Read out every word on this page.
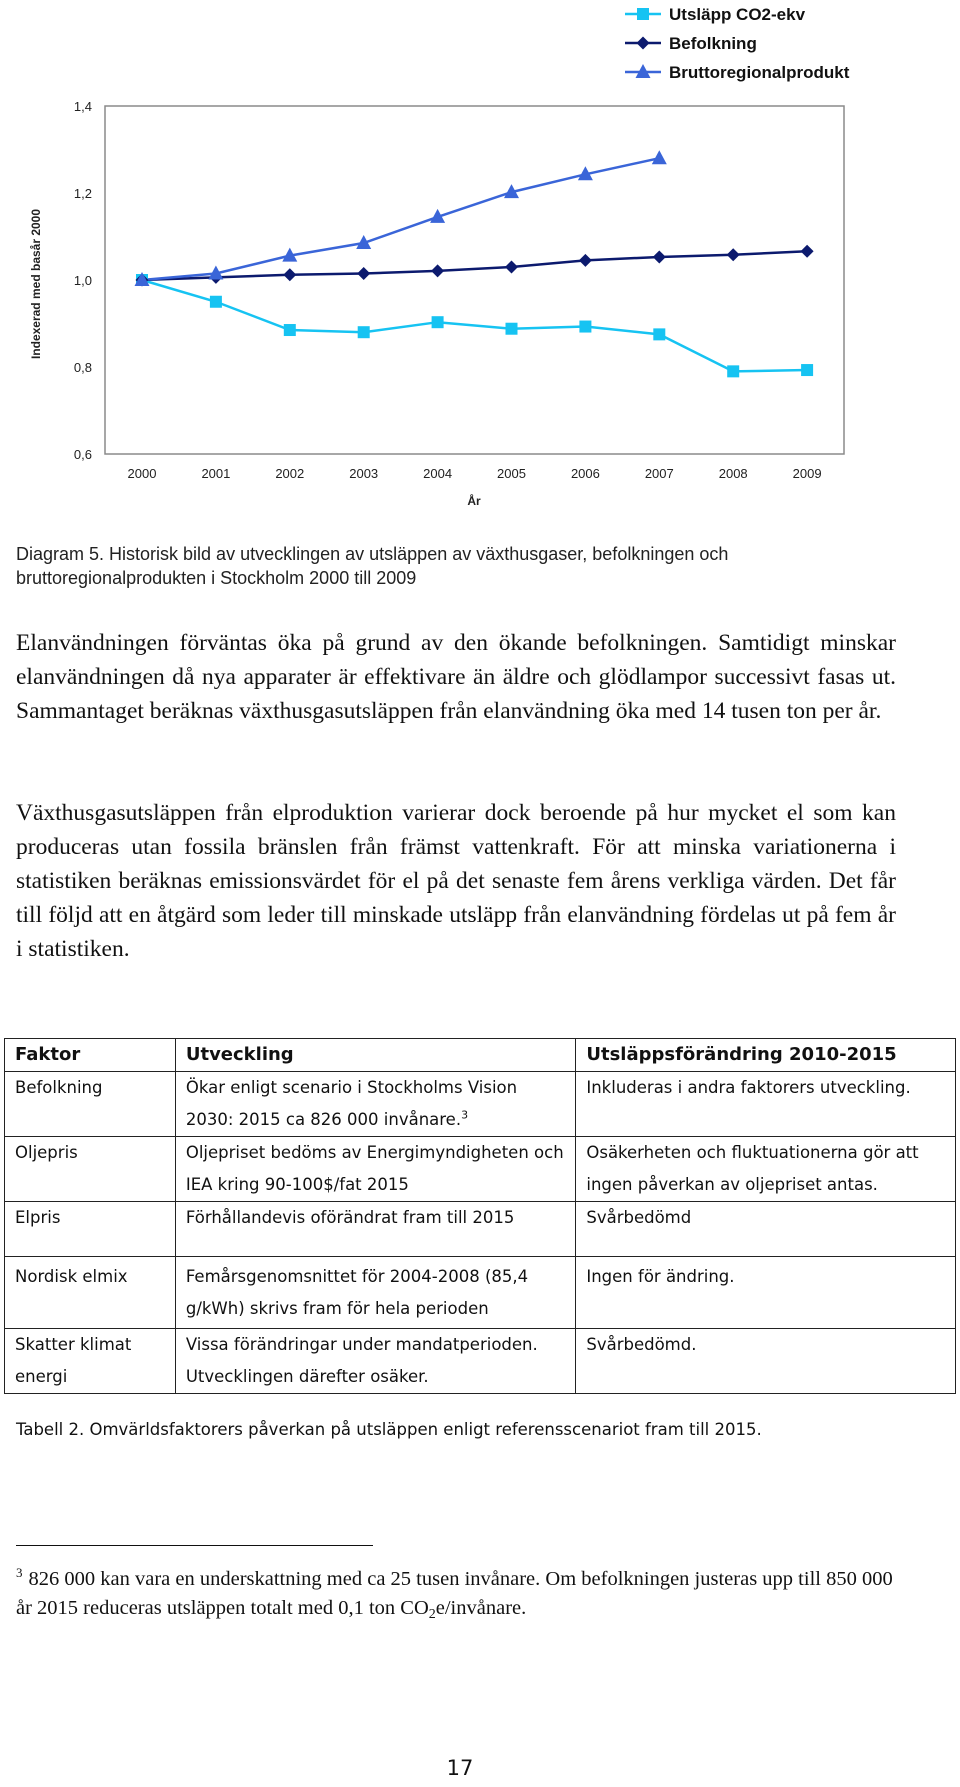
1,4
1,2
1,0
0,8
0,6
2000	2001	2002	2003	2004	2005	2006	2007	2008	2009
Indexerad med basår 2000
År
Utsläpp CO2-ekv
Befolkning
Bruttoregionalprodukt
Diagram 5. Historisk bild av utvecklingen av utsläppen av växthusgaser, befolkningen och bruttoregionalprodukten i Stockholm 2000 till 2009

Elanvändningen förväntas öka på grund av den ökande befolkningen. Samtidigt minskar elanvändningen då nya apparater är effektivare än äldre och glödlampor successivt fasas ut. Sammantaget beräknas växthusgasutsläppen från elanvändning öka med 14 tusen ton per år.

Växthusgasutsläppen från elproduktion varierar dock beroende på hur mycket el som kan produceras utan fossila bränslen från främst vattenkraft. För att minska variationerna i statistiken beräknas emissionsvärdet för el på det senaste fem årens verkliga värden. Det får till följd att en åtgärd som leder till minskade utsläpp från elanvändning fördelas ut på fem år i statistiken.

Faktor	Utveckling	Utsläppsförändring 2010-2015
Befolkning	Ökar enligt scenario i Stockholms Vision 2030: 2015 ca 826 000 invånare.$^3$	Inkluderas i andra faktorers utveckling.
Oljepris	Oljepriset bedöms av Energimyndigheten och IEA kring 90-100$/fat 2015	Osäkerheten och fluktuationerna gör att ingen påverkan av oljepriset antas.
Elpris	Förhållandevis oförändrat fram till 2015	Svårbedömd
Nordisk elmix	Femårsgenomsnittet för 2004-2008 (85,4 g/kWh) skrivs fram för hela perioden	Ingen för ändring.
Skatter klimat energi	Vissa förändringar under mandatperioden. Utvecklingen därefter osäker.	Svårbedömd.
Tabell 2. Omvärldsfaktorers påverkan på utsläppen enligt referensscenariot fram till 2015.
$^3$ 826 000 kan vara en underskattning med ca 25 tusen invånare. Om befolkningen justeras upp till 850 000 år 2015 reduceras utsläppen totalt med 0,1 ton $CO_2e$/invånare.
17
